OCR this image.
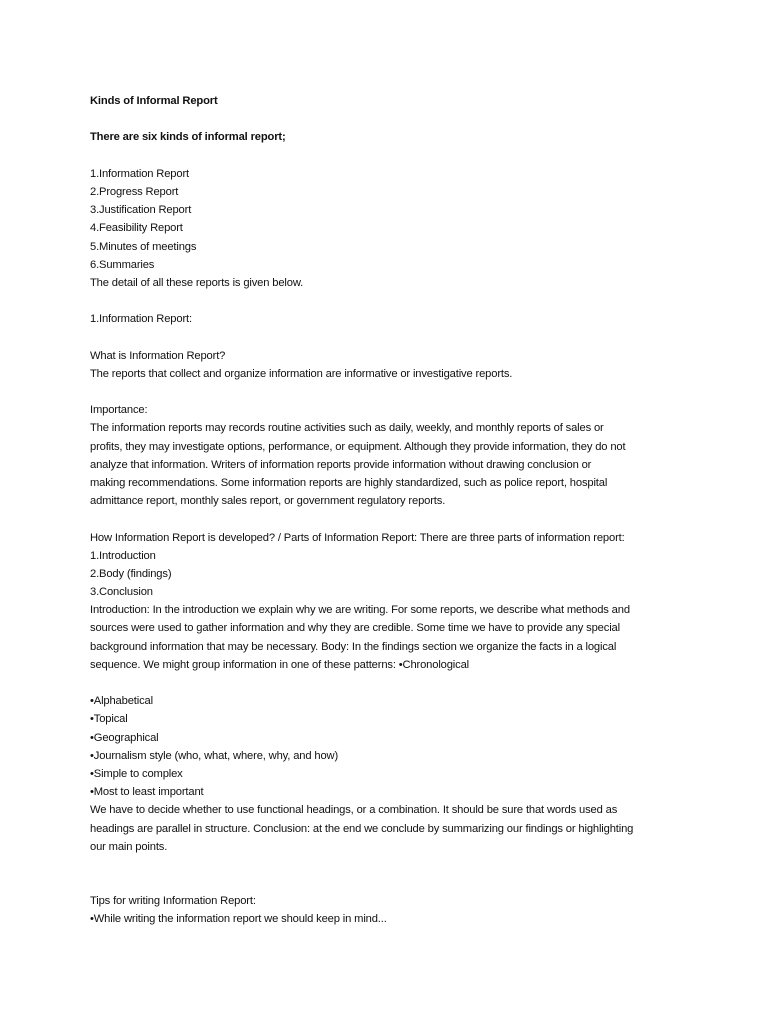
Kinds of Informal Report
There are six kinds of informal report;
1.Information Report
2.Progress Report
3.Justification Report
4.Feasibility Report
5.Minutes of meetings
6.Summaries
The detail of all these reports is given below.
1.Information Report:
What is Information Report?
The reports that collect and organize information are informative or investigative reports.
Importance:
The information reports may records routine activities such as daily, weekly, and monthly reports of sales or
profits, they may investigate options, performance, or equipment. Although they provide information, they do not
analyze that information. Writers of information reports provide information without drawing conclusion or
making recommendations. Some information reports are highly standardized, such as police report, hospital
admittance report, monthly sales report, or government regulatory reports.
How Information Report is developed? / Parts of Information Report: There are three parts of information report:
1.Introduction
2.Body (findings)
3.Conclusion
Introduction: In the introduction we explain why we are writing. For some reports, we describe what methods and
sources were used to gather information and why they are credible. Some time we have to provide any special
background information that may be necessary. Body: In the findings section we organize the facts in a logical
sequence. We might group information in one of these patterns: •Chronological
•Alphabetical
•Topical
•Geographical
•Journalism style (who, what, where, why, and how)
•Simple to complex
•Most to least important
We have to decide whether to use functional headings, or a combination. It should be sure that words used as
headings are parallel in structure. Conclusion: at the end we conclude by summarizing our findings or highlighting
our main points.
Tips for writing Information Report:
•While writing the information report we should keep in mind...
